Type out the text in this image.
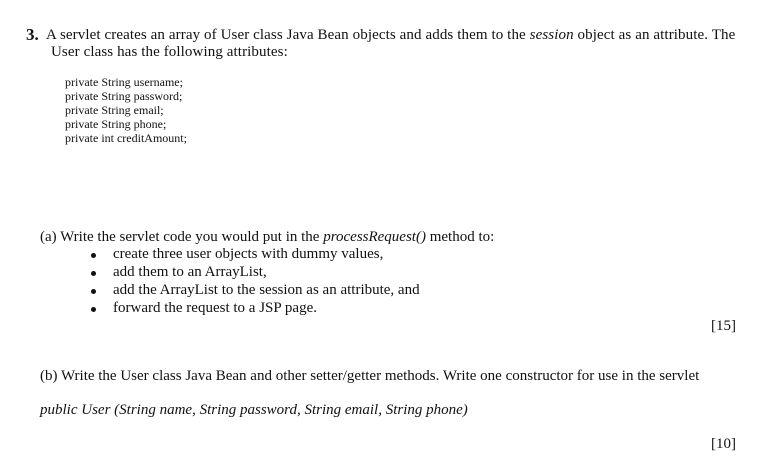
3. A servlet creates an array of User class Java Bean objects and adds them to the session object as an attribute. The
User class has the following attributes:
private String username;
private String password;
private String email;
private String phone;
private int creditAmount;
(a) Write the servlet code you would put in the processRequest() method to:
create three user objects with dummy values,
add them to an ArrayList,
add the ArrayList to the session as an attribute, and
forward the request to a JSP page.
[15]
(b) Write the User class Java Bean and other setter/getter methods. Write one constructor for use in the servlet
public User (String name, String password, String email, String phone)
[10]
